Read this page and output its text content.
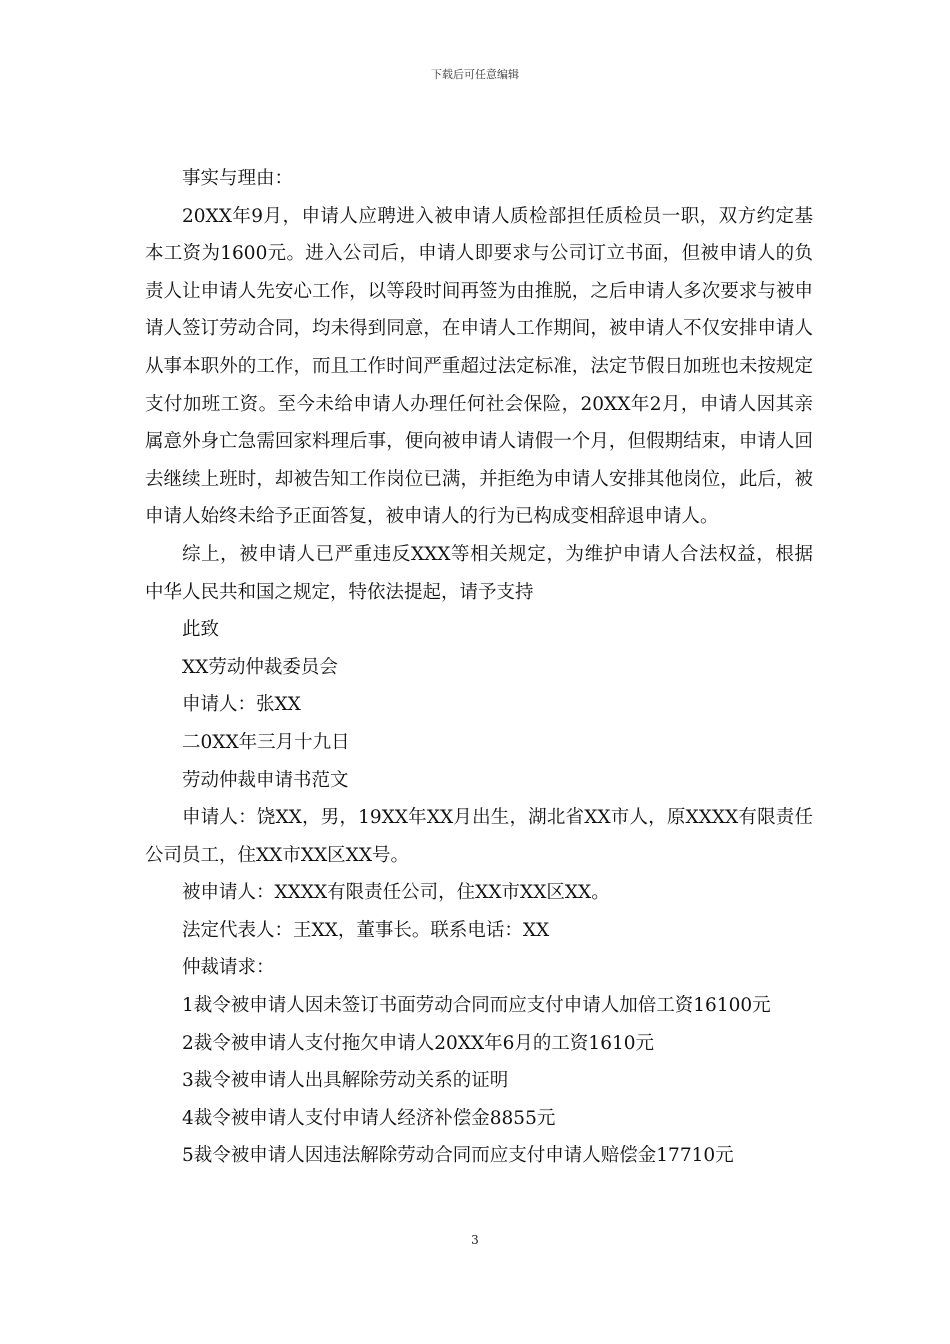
下载后可任意编辑

事实与理由：

20XX年9月，申请人应聘进入被申请人质检部担任质检员一职，双方约定基本工资为1600元。进入公司后，申请人即要求与公司订立书面，但被申请人的负责人让申请人先安心工作，以等段时间再签为由推脱，之后申请人多次要求与被申请人签订劳动合同，均未得到同意，在申请人工作期间，被申请人不仅安排申请人从事本职外的工作，而且工作时间严重超过法定标准，法定节假日加班也未按规定支付加班工资。至今未给申请人办理任何社会保险，20XX年2月，申请人因其亲属意外身亡急需回家料理后事，便向被申请人请假一个月，但假期结束，申请人回去继续上班时，却被告知工作岗位已满，并拒绝为申请人安排其他岗位，此后，被申请人始终未给予正面答复，被申请人的行为已构成变相辞退申请人。

综上，被申请人已严重违反XXX等相关规定，为维护申请人合法权益，根据中华人民共和国之规定，特依法提起，请予支持

此致

XX劳动仲裁委员会

申请人：张XX

二0XX年三月十九日

劳动仲裁申请书范文

申请人：饶XX，男，19XX年XX月出生，湖北省XX市人，原XXXX有限责任公司员工，住XX市XX区XX号。

被申请人：XXXX有限责任公司，住XX市XX区XX。

法定代表人：王XX，董事长。联系电话：XX

仲裁请求：

1裁令被申请人因未签订书面劳动合同而应支付申请人加倍工资16100元

2裁令被申请人支付拖欠申请人20XX年6月的工资1610元

3裁令被申请人出具解除劳动关系的证明

4裁令被申请人支付申请人经济补偿金8855元

5裁令被申请人因违法解除劳动合同而应支付申请人赔偿金17710元

3
